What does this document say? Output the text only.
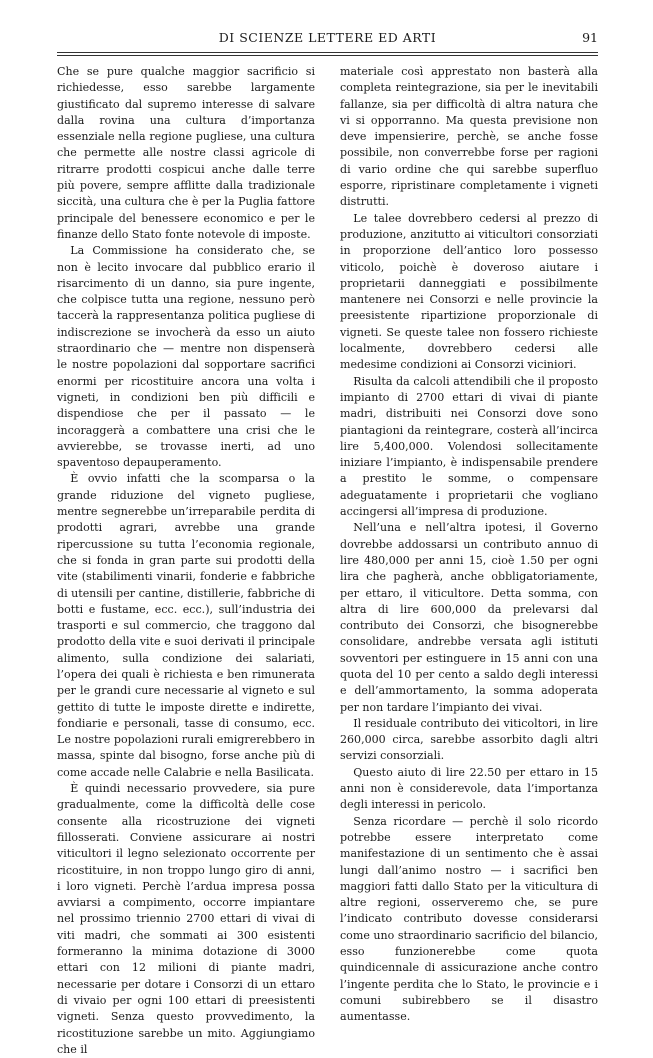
DI SCIENZE LETTERE ED ARTI	91

Che se pure qualche maggior sacrificio si richiedesse, esso sarebbe largamente giustificato dal supremo interesse di salvare dalla rovina una cultura d’importanza essenziale nella regione pugliese, una cultura che permette alle nostre classi agricole di ritrarre prodotti cospicui anche dalle terre più povere, sempre afflitte dalla tradizionale siccità, una cultura che è per la Puglia fattore principale del benessere economico e per le finanze dello Stato fonte notevole di imposte.

La Commissione ha considerato che, se non è lecito invocare dal pubblico erario il risarcimento di un danno, sia pure ingente, che colpisce tutta una regione, nessuno però taccerà la rappresentanza politica pugliese di indiscrezione se invocherà da esso un aiuto straordinario che — mentre non dispenserà le nostre popolazioni dal sopportare sacrifici enormi per ricostituire ancora una volta i vigneti, in condizioni ben più difficili e dispendiose che per il passato — le incoraggerà a combattere una crisi che le avvierebbe, se trovasse inerti, ad uno spaventoso depauperamento.

È ovvio infatti che la scomparsa o la grande riduzione del vigneto pugliese, mentre segnerebbe un’irreparabile perdita di prodotti agrari, avrebbe una grande ripercussione su tutta l’economia regionale, che si fonda in gran parte sui prodotti della vite (stabilimenti vinarii, fonderie e fabbriche di utensili per cantine, distillerie, fabbriche di botti e fustame, ecc. ecc.), sull’industria dei trasporti e sul commercio, che traggono dal prodotto della vite e suoi derivati il principale alimento, sulla condizione dei salariati, l’opera dei quali è richiesta e ben rimunerata per le grandi cure necessarie al vigneto e sul gettito di tutte le imposte dirette e indirette, fondiarie e personali, tasse di consumo, ecc. Le nostre popolazioni rurali emigrerebbero in massa, spinte dal bisogno, forse anche più di come accade nelle Calabrie e nella Basilicata.

È quindi necessario provvedere, sia pure gradualmente, come la difficoltà delle cose consente alla ricostruzione dei vigneti fillosserati. Conviene assicurare ai nostri viticultori il legno selezionato occorrente per ricostituire, in non troppo lungo giro di anni, i loro vigneti. Perchè l’ardua impresa possa avviarsi a compimento, occorre impiantare nel prossimo triennio 2700 ettari di vivai di viti madri, che sommati ai 300 esistenti formeranno la minima dotazione di 3000 ettari con 12 milioni di piante madri, necessarie per dotare i Consorzi di un ettaro di vivaio per ogni 100 ettari di preesistenti vigneti. Senza questo provvedimento, la ricostituzione sarebbe un mito. Aggiungiamo che il

materiale così apprestato non basterà alla completa reintegrazione, sia per le inevitabili fallanze, sia per difficoltà di altra natura che vi si opporranno. Ma questa previsione non deve impensierire, perchè, se anche fosse possibile, non converrebbe forse per ragioni di vario ordine che qui sarebbe superfluo esporre, ripristinare completamente i vigneti distrutti.

Le talee dovrebbero cedersi al prezzo di produzione, anzitutto ai viticultori consorziati in proporzione dell’antico loro possesso viticolo, poichè è doveroso aiutare i proprietarii danneggiati e possibilmente mantenere nei Consorzi e nelle provincie la preesistente ripartizione proporzionale di vigneti. Se queste talee non fossero richieste localmente, dovrebbero cedersi alle medesime condizioni ai Consorzi viciniori.

Risulta da calcoli attendibili che il proposto impianto di 2700 ettari di vivai di piante madri, distribuiti nei Consorzi dove sono piantagioni da reintegrare, costerà all’incirca lire 5,400,000. Volendosi sollecitamente iniziare l’impianto, è indispensabile prendere a prestito le somme, o compensare adeguatamente i proprietarii che vogliano accingersi all’impresa di produzione.

Nell’una e nell’altra ipotesi, il Governo dovrebbe addossarsi un contributo annuo di lire 480,000 per anni 15, cioè 1.50 per ogni lira che pagherà, anche obbligatoriamente, per ettaro, il viticultore. Detta somma, con altra di lire 600,000 da prelevarsi dal contributo dei Consorzi, che bisognerebbe consolidare, andrebbe versata agli istituti sovventori per estinguere in 15 anni con una quota del 10 per cento a saldo degli interessi e dell’ammortamento, la somma adoperata per non tardare l’impianto dei vivai.

Il residuale contributo dei viticoltori, in lire 260,000 circa, sarebbe assorbito dagli altri servizi consorziali.

Questo aiuto di lire 22.50 per ettaro in 15 anni non è considerevole, data l’importanza degli interessi in pericolo.

Senza ricordare — perchè il solo ricordo potrebbe essere interpretato come manifestazione di un sentimento che è assai lungi dall’animo nostro — i sacrifici ben maggiori fatti dallo Stato per la viticultura di altre regioni, osserveremo che, se pure l’indicato contributo dovesse considerarsi come uno straordinario sacrificio del bilancio, esso funzionerebbe come quota quindicennale di assicurazione anche contro l’ingente perdita che lo Stato, le provincie e i comuni subirebbero se il disastro aumentasse.
